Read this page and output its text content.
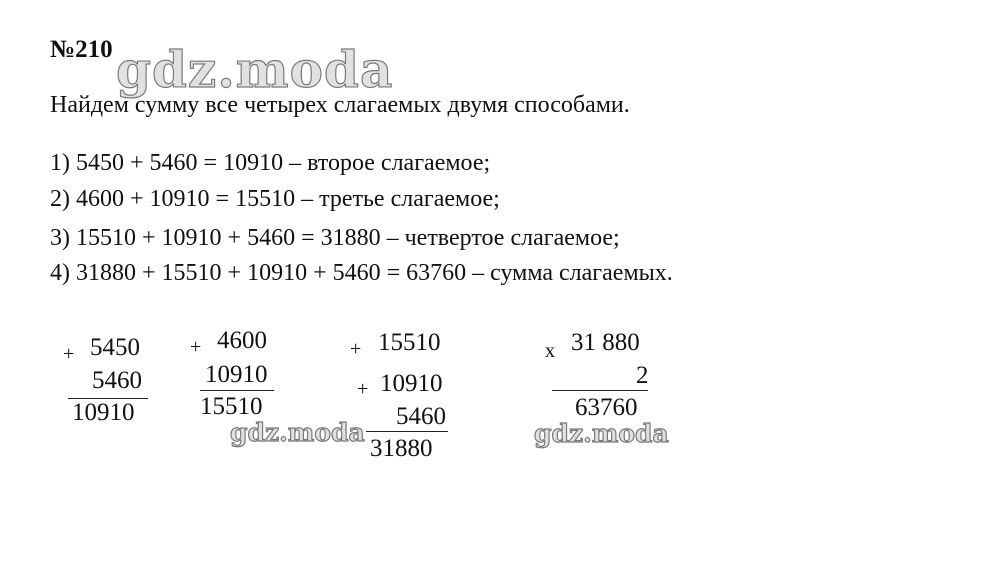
№210
Найдем сумму все четырех слагаемых двумя способами.
1) 5450 + 5460 = 10910 – второе слагаемое;
2) 4600 + 10910 = 15510 – третье слагаемое;
3) 15510 + 10910 + 5460 = 31880 – четвертое слагаемое;
4) 31880 + 15510 + 10910 + 5460 = 63760 – сумма слагаемых.
+ 5450
5460
10910
+ 4600
10910
15510
+ 15510
+ 10910
5460
31880
x 31 880
2
63760
gdz.moda
gdz.moda	gdz.moda
